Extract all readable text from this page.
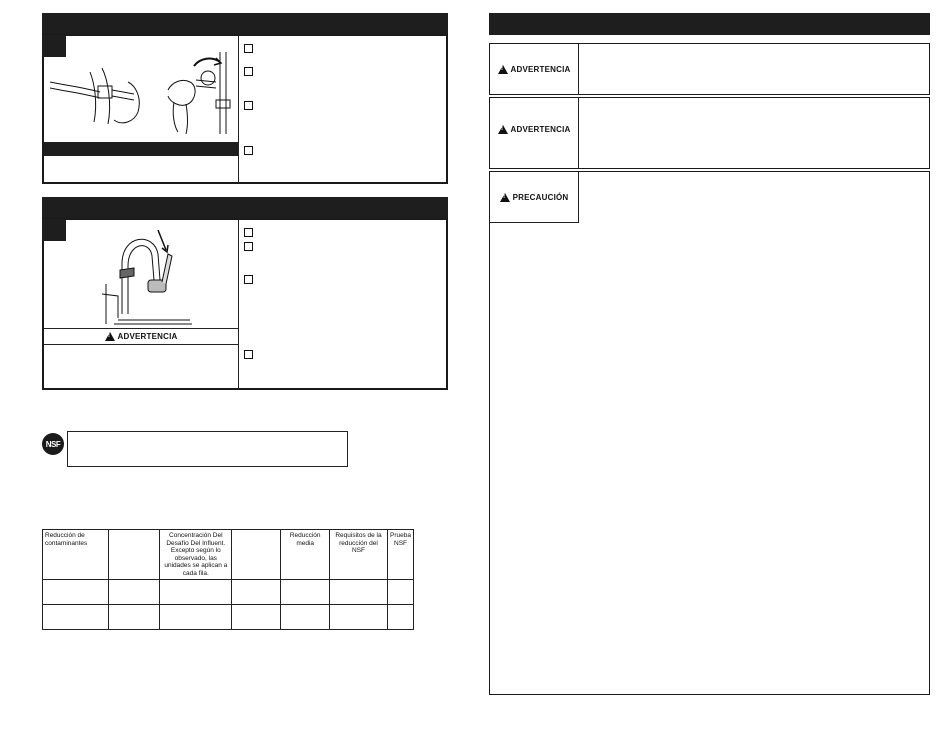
!
ADVERTENCIA
NSF
Reducción de contaminantes		Concentración Del Desafío Del Influent. Excepto según lo observado, las unidades se aplican a cada fila.		Reducción media	Requisitos de la reducción del NSF	Prueba NSF

!
ADVERTENCIA
!
ADVERTENCIA
!
PRECAUCIÓN
